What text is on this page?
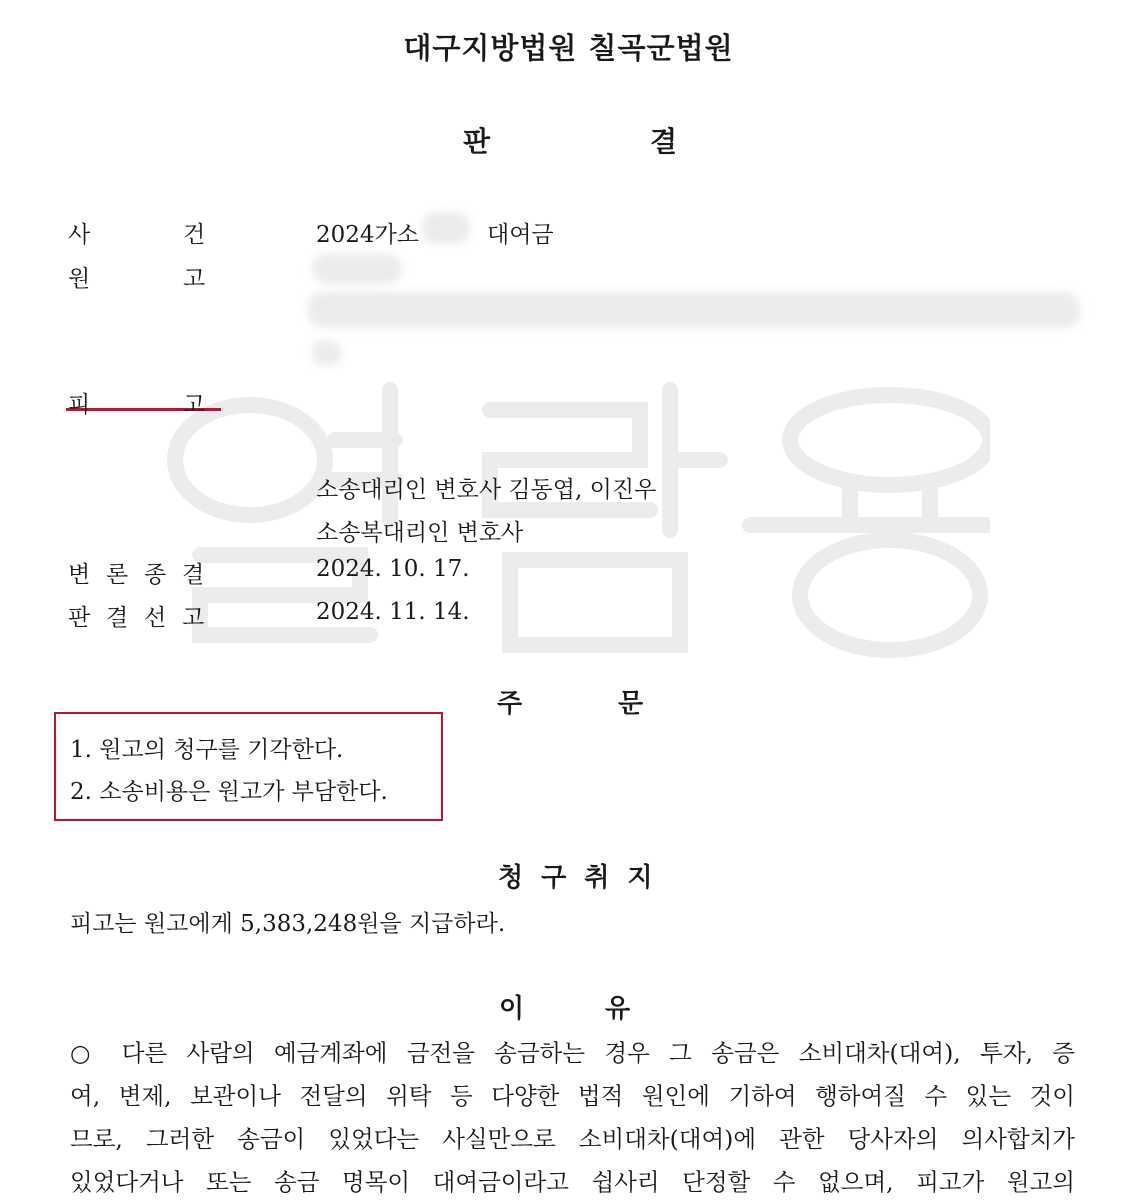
대구지방법원 칠곡군법원
판	결
사	건	2024가소	대여금
원	고
피	고
소송대리인 변호사 김동엽, 이진우
소송복대리인 변호사
변 론 종 결	2024. 10. 17.
판 결 선 고	2024. 11. 14.
주	문
1. 원고의 청구를 기각한다.
2. 소송비용은 원고가 부담한다.
청구취지
피고는 원고에게 5,383,248원을 지급하라.
이	유
○ 다른 사람의 예금계좌에 금전을 송금하는 경우 그 송금은 소비대차(대여), 투자, 증
여, 변제, 보관이나 전달의 위탁 등 다양한 법적 원인에 기하여 행하여질 수 있는 것이
므로, 그러한 송금이 있었다는 사실만으로 소비대차(대여)에 관한 당사자의 의사합치가
있었다거나 또는 송금 명목이 대여금이라고 쉽사리 단정할 수 없으며, 피고가 원고의
